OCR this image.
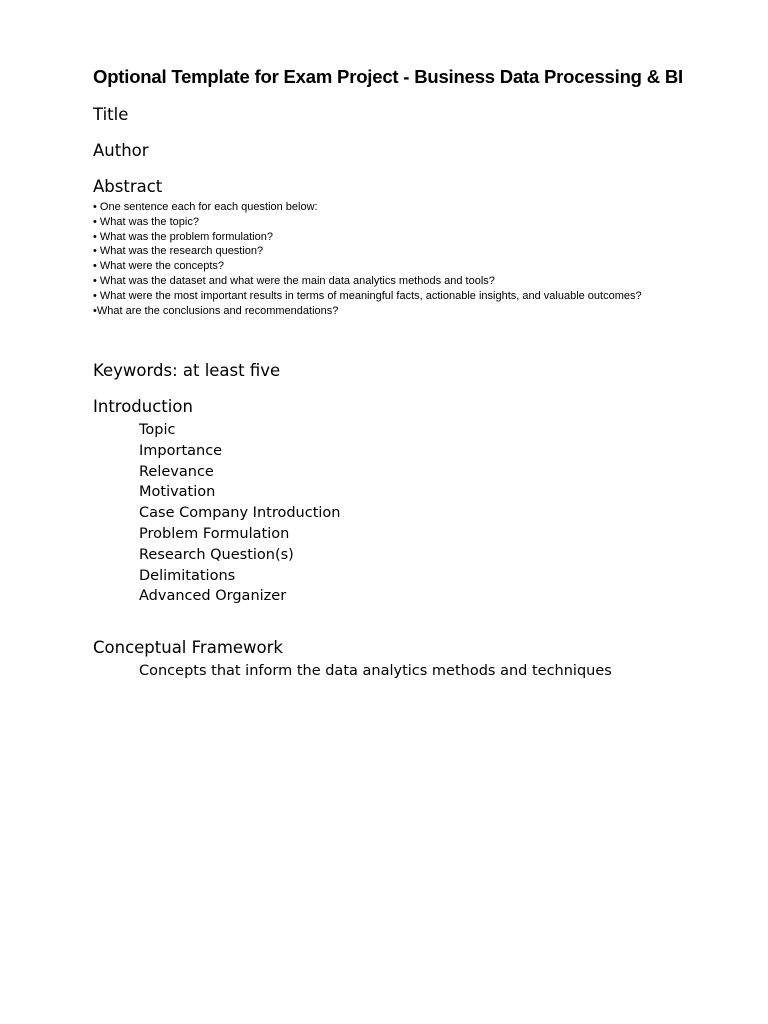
Optional Template for Exam Project - Business Data Processing & BI
Title
Author
Abstract
• One sentence each for each question below:
• What was the topic?
• What was the problem formulation?
• What was the research question?
• What were the concepts?
• What was the dataset and what were the main data analytics methods and tools?
• What were the most important results in terms of meaningful facts, actionable insights, and valuable outcomes?
•What are the conclusions and recommendations?
Keywords: at least five
Introduction
Topic
Importance
Relevance
Motivation
Case Company Introduction
Problem Formulation
Research Question(s)
Delimitations
Advanced Organizer
Conceptual Framework
Concepts that inform the data analytics methods and techniques
